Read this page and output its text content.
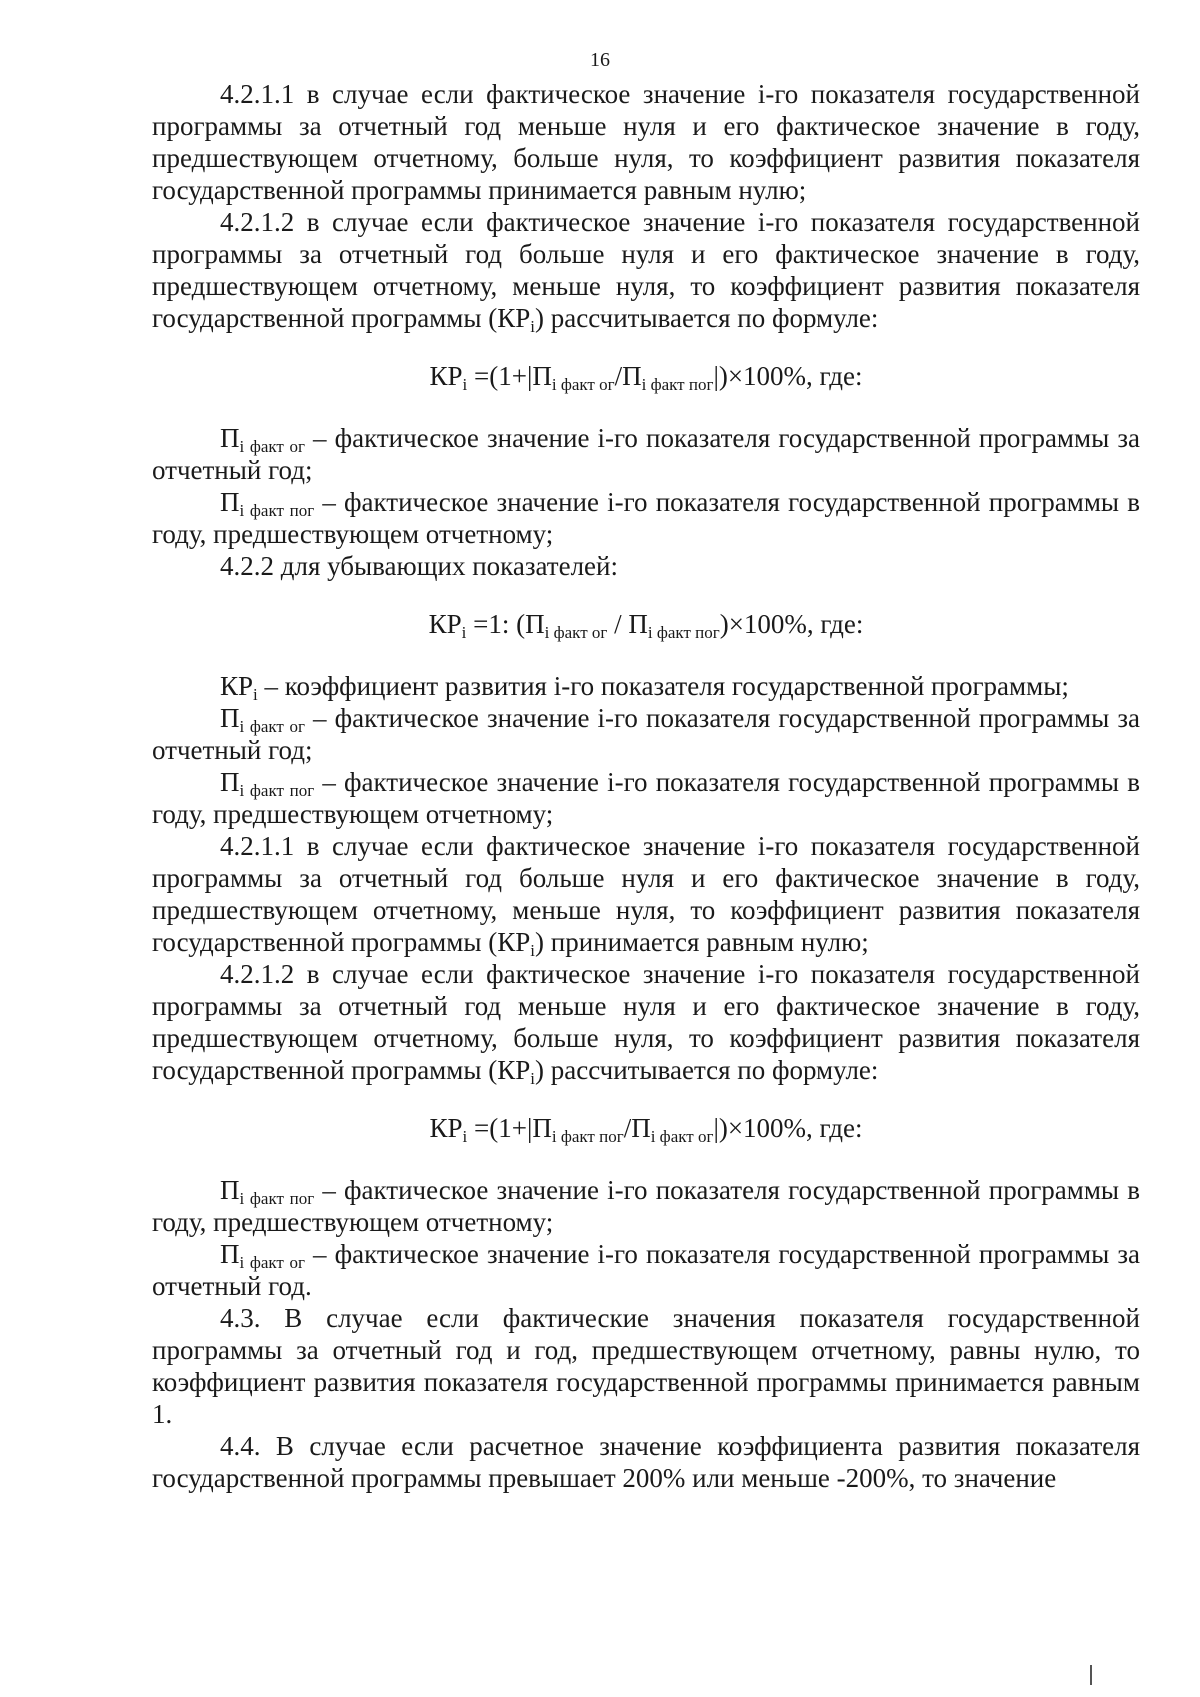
16

4.2.1.1 в случае если фактическое значение i-го показателя государственной программы за отчетный год меньше нуля и его фактическое значение в году, предшествующем отчетному, больше нуля, то коэффициент развития показателя государственной программы принимается равным нулю;

4.2.1.2 в случае если фактическое значение i-го показателя государственной программы за отчетный год больше нуля и его фактическое значение в году, предшествующем отчетному, меньше нуля, то коэффициент развития показателя государственной программы $(КР_i)$ рассчитывается по формуле:

$КР_i =(1+|П_{i факт ог}/П_{i факт пог}|)\times 100\%$, где:

$П_{i факт ог}$ – фактическое значение i-го показателя государственной программы за отчетный год;

$П_{i факт пог}$ – фактическое значение i-го показателя государственной программы в году, предшествующем отчетному;

4.2.2 для убывающих показателей:

$КР_i =1$: $(П_{i факт ог} / П_{i факт пог})\times 100\%$, где:

$КР_i$ – коэффициент развития i-го показателя государственной программы;

$П_{i факт ог}$ – фактическое значение i-го показателя государственной программы за отчетный год;

$П_{i факт пог}$ – фактическое значение i-го показателя государственной программы в году, предшествующем отчетному;

4.2.1.1 в случае если фактическое значение i-го показателя государственной программы за отчетный год больше нуля и его фактическое значение в году, предшествующем отчетному, меньше нуля, то коэффициент развития показателя государственной программы $(КР_i)$ принимается равным нулю;

4.2.1.2 в случае если фактическое значение i-го показателя государственной программы за отчетный год меньше нуля и его фактическое значение в году, предшествующем отчетному, больше нуля, то коэффициент развития показателя государственной программы $(КР_i)$ рассчитывается по формуле:

$КР_i =(1+|П_{i факт пог}/П_{i факт ог}|)\times 100\%$, где:

$П_{i факт пог}$ – фактическое значение i-го показателя государственной программы в году, предшествующем отчетному;

$П_{i факт ог}$ – фактическое значение i-го показателя государственной программы за отчетный год.

4.3. В случае если фактические значения показателя государственной программы за отчетный год и год, предшествующем отчетному, равны нулю, то коэффициент развития показателя государственной программы принимается равным 1.

4.4. В случае если расчетное значение коэффициента развития показателя государственной программы превышает 200% или меньше -200%, то значение
